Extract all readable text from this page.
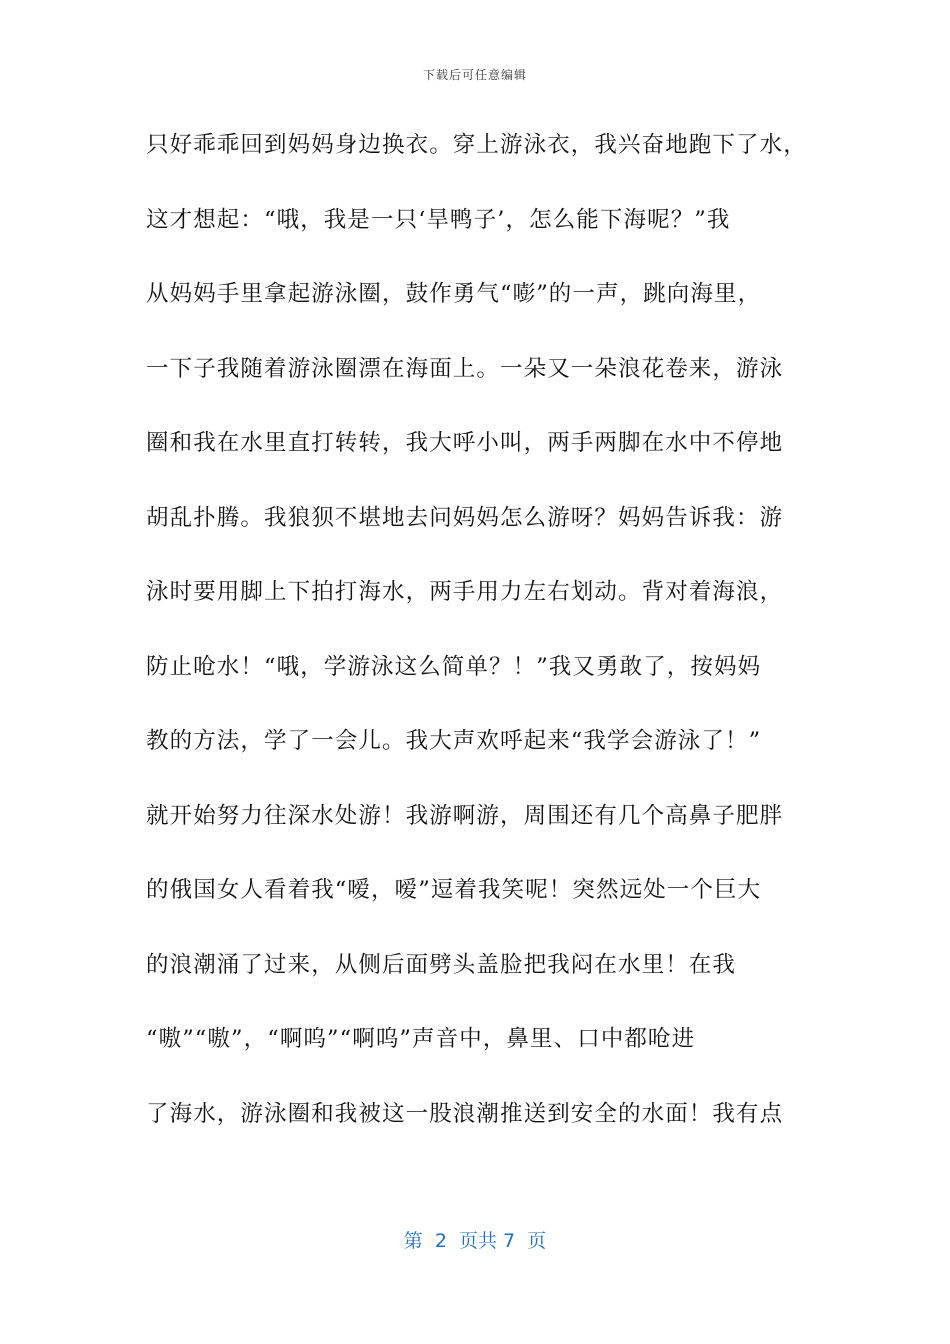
下载后可任意编辑
只好乖乖回到妈妈身边换衣。穿上游泳衣，我兴奋地跑下了水，
这才想起：“哦，我是一只‘旱鸭子’，怎么能下海呢？”我
从妈妈手里拿起游泳圈，鼓作勇气“嘭”的一声，跳向海里，
一下子我随着游泳圈漂在海面上。一朵又一朵浪花卷来，游泳
圈和我在水里直打转转，我大呼小叫，两手两脚在水中不停地
胡乱扑腾。我狼狈不堪地去问妈妈怎么游呀？妈妈告诉我：游
泳时要用脚上下拍打海水，两手用力左右划动。背对着海浪，
防止呛水！“哦，学游泳这么简单？！”我又勇敢了，按妈妈
教的方法，学了一会儿。我大声欢呼起来“我学会游泳了！”
就开始努力往深水处游！我游啊游，周围还有几个高鼻子肥胖
的俄国女人看着我“嗳，嗳”逗着我笑呢！突然远处一个巨大
的浪潮涌了过来，从侧后面劈头盖脸把我闷在水里！在我
“嗷”“嗷”，“啊呜”“啊呜”声音中，鼻里、口中都呛进
了海水，游泳圈和我被这一股浪潮推送到安全的水面！我有点
第  2  页共 7  页
